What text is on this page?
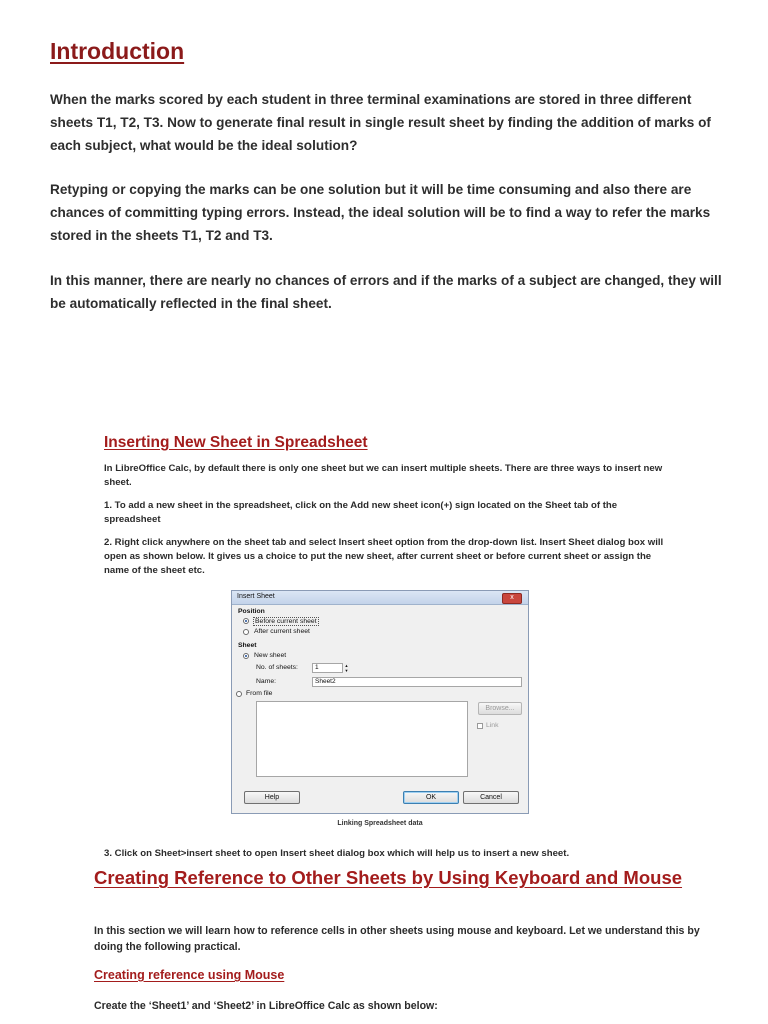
Introduction

When the marks scored by each student in three terminal examinations are stored in three different sheets T1, T2, T3. Now to generate final result in single result sheet by finding the addition of marks of each subject, what would be the ideal solution?

Retyping or copying the marks can be one solution but it will be time consuming and also there are chances of committing typing errors. Instead, the ideal solution will be to find a way to refer the marks stored in the sheets T1, T2 and T3.

In this manner, there are nearly no chances of errors and if the marks of a subject are changed, they will be automatically reflected in the final sheet.

Inserting New Sheet in Spreadsheet

In LibreOffice Calc, by default there is only one sheet but we can insert multiple sheets. There are three ways to insert new sheet.

1. To add a new sheet in the spreadsheet, click on the Add new sheet icon(+) sign located on the Sheet tab of the spreadsheet

2. Right click anywhere on the sheet tab and select Insert sheet option from the drop-down list. Insert Sheet dialog box will open as shown below. It gives us a choice to put the new sheet, after current sheet or before current sheet or assign the name of the sheet etc.

Insert Sheet	x
Position
Before current sheet
After current sheet
Sheet
New sheet
No. of sheets:	1	▲
▼
Name:	Sheet2
From file
Browse...
Link
Help	OK	Cancel

Linking Spreadsheet data

3. Click on Sheet>insert sheet to open Insert sheet dialog box which will help us to insert a new sheet.

Creating Reference to Other Sheets by Using Keyboard and Mouse

In this section we will learn how to reference cells in other sheets using mouse and keyboard. Let we understand this by doing the following practical.

Creating reference using Mouse

Create the ‘Sheet1’ and ‘Sheet2’ in LibreOffice Calc as shown below:
